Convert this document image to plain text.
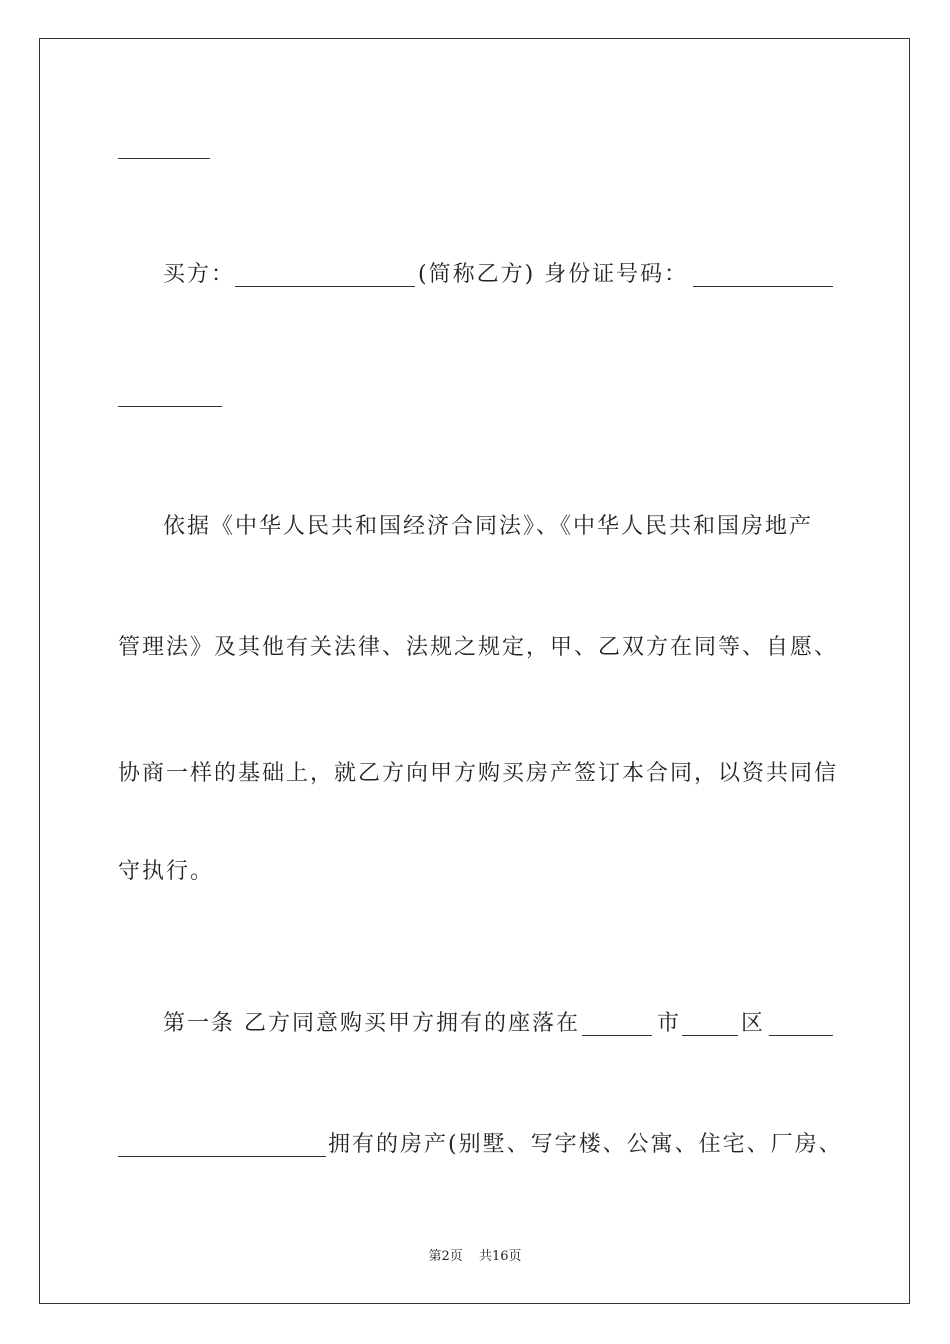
买方：	(简称乙方) 身份证号码：
依据《中华人民共和国经济合同法》、《中华人民共和国房地产
管理法》及其他有关法律、法规之规定，甲、乙双方在同等、自愿、
协商一样的基础上，就乙方向甲方购买房产签订本合同，以资共同信
守执行。
第一条 乙方同意购买甲方拥有的座落在	市	区
拥有的房产(别墅、写字楼、公寓、住宅、厂房、
第2页 共16页
